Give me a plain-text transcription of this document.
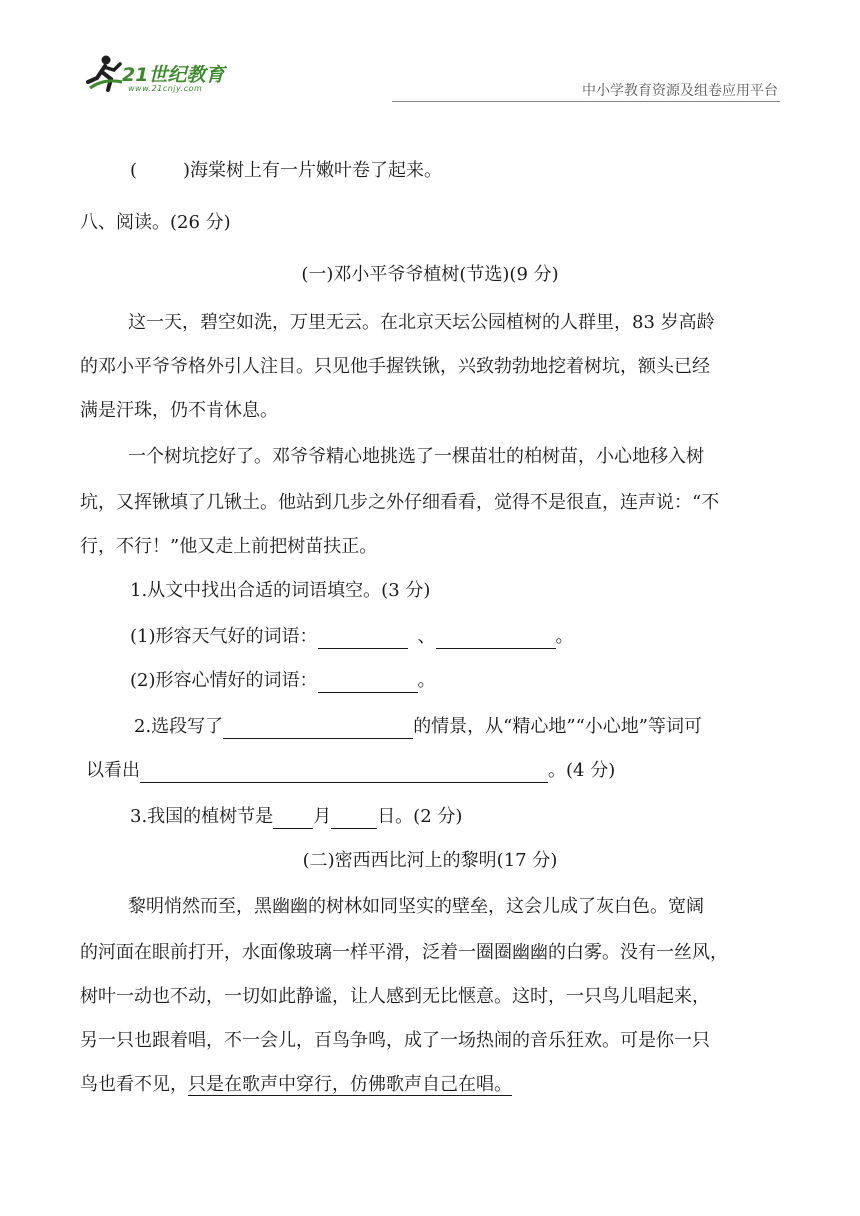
21世纪教育
www.21cnjy.com	中小学教育资源及组卷应用平台
(	)海棠树上有一片嫩叶卷了起来。
八、阅读。(26 分)
(一)邓小平爷爷植树(节选)(9 分)
这一天，碧空如洗，万里无云。在北京天坛公园植树的人群里，83 岁高龄
的邓小平爷爷格外引人注目。只见他手握铁锹，兴致勃勃地挖着树坑，额头已经
满是汗珠，仍不肯休息。
一个树坑挖好了。邓爷爷精心地挑选了一棵苗壮的柏树苗，小心地移入树
坑，又挥锹填了几锹土。他站到几步之外仔细看看，觉得不是很直，连声说：“不
行，不行！”他又走上前把树苗扶正。
1.从文中找出合适的词语填空。(3 分)
(1)形容天气好的词语：	、	。
(2)形容心情好的词语：	。
2.选段写了	的情景，从“精心地”“小心地”等词可
以看出	。(4 分)
3.我国的植树节是 月	日。(2 分)
(二)密西西比河上的黎明(17 分)
黎明悄然而至，黑幽幽的树林如同坚实的壁垒，这会儿成了灰白色。宽阔
的河面在眼前打开，水面像玻璃一样平滑，泛着一圈圈幽幽的白雾。没有一丝风，
树叶一动也不动，一切如此静谧，让人感到无比惬意。这时，一只鸟儿唱起来，
另一只也跟着唱，不一会儿，百鸟争鸣，成了一场热闹的音乐狂欢。可是你一只
鸟也看不见，只是在歌声中穿行，仿佛歌声自己在唱。
